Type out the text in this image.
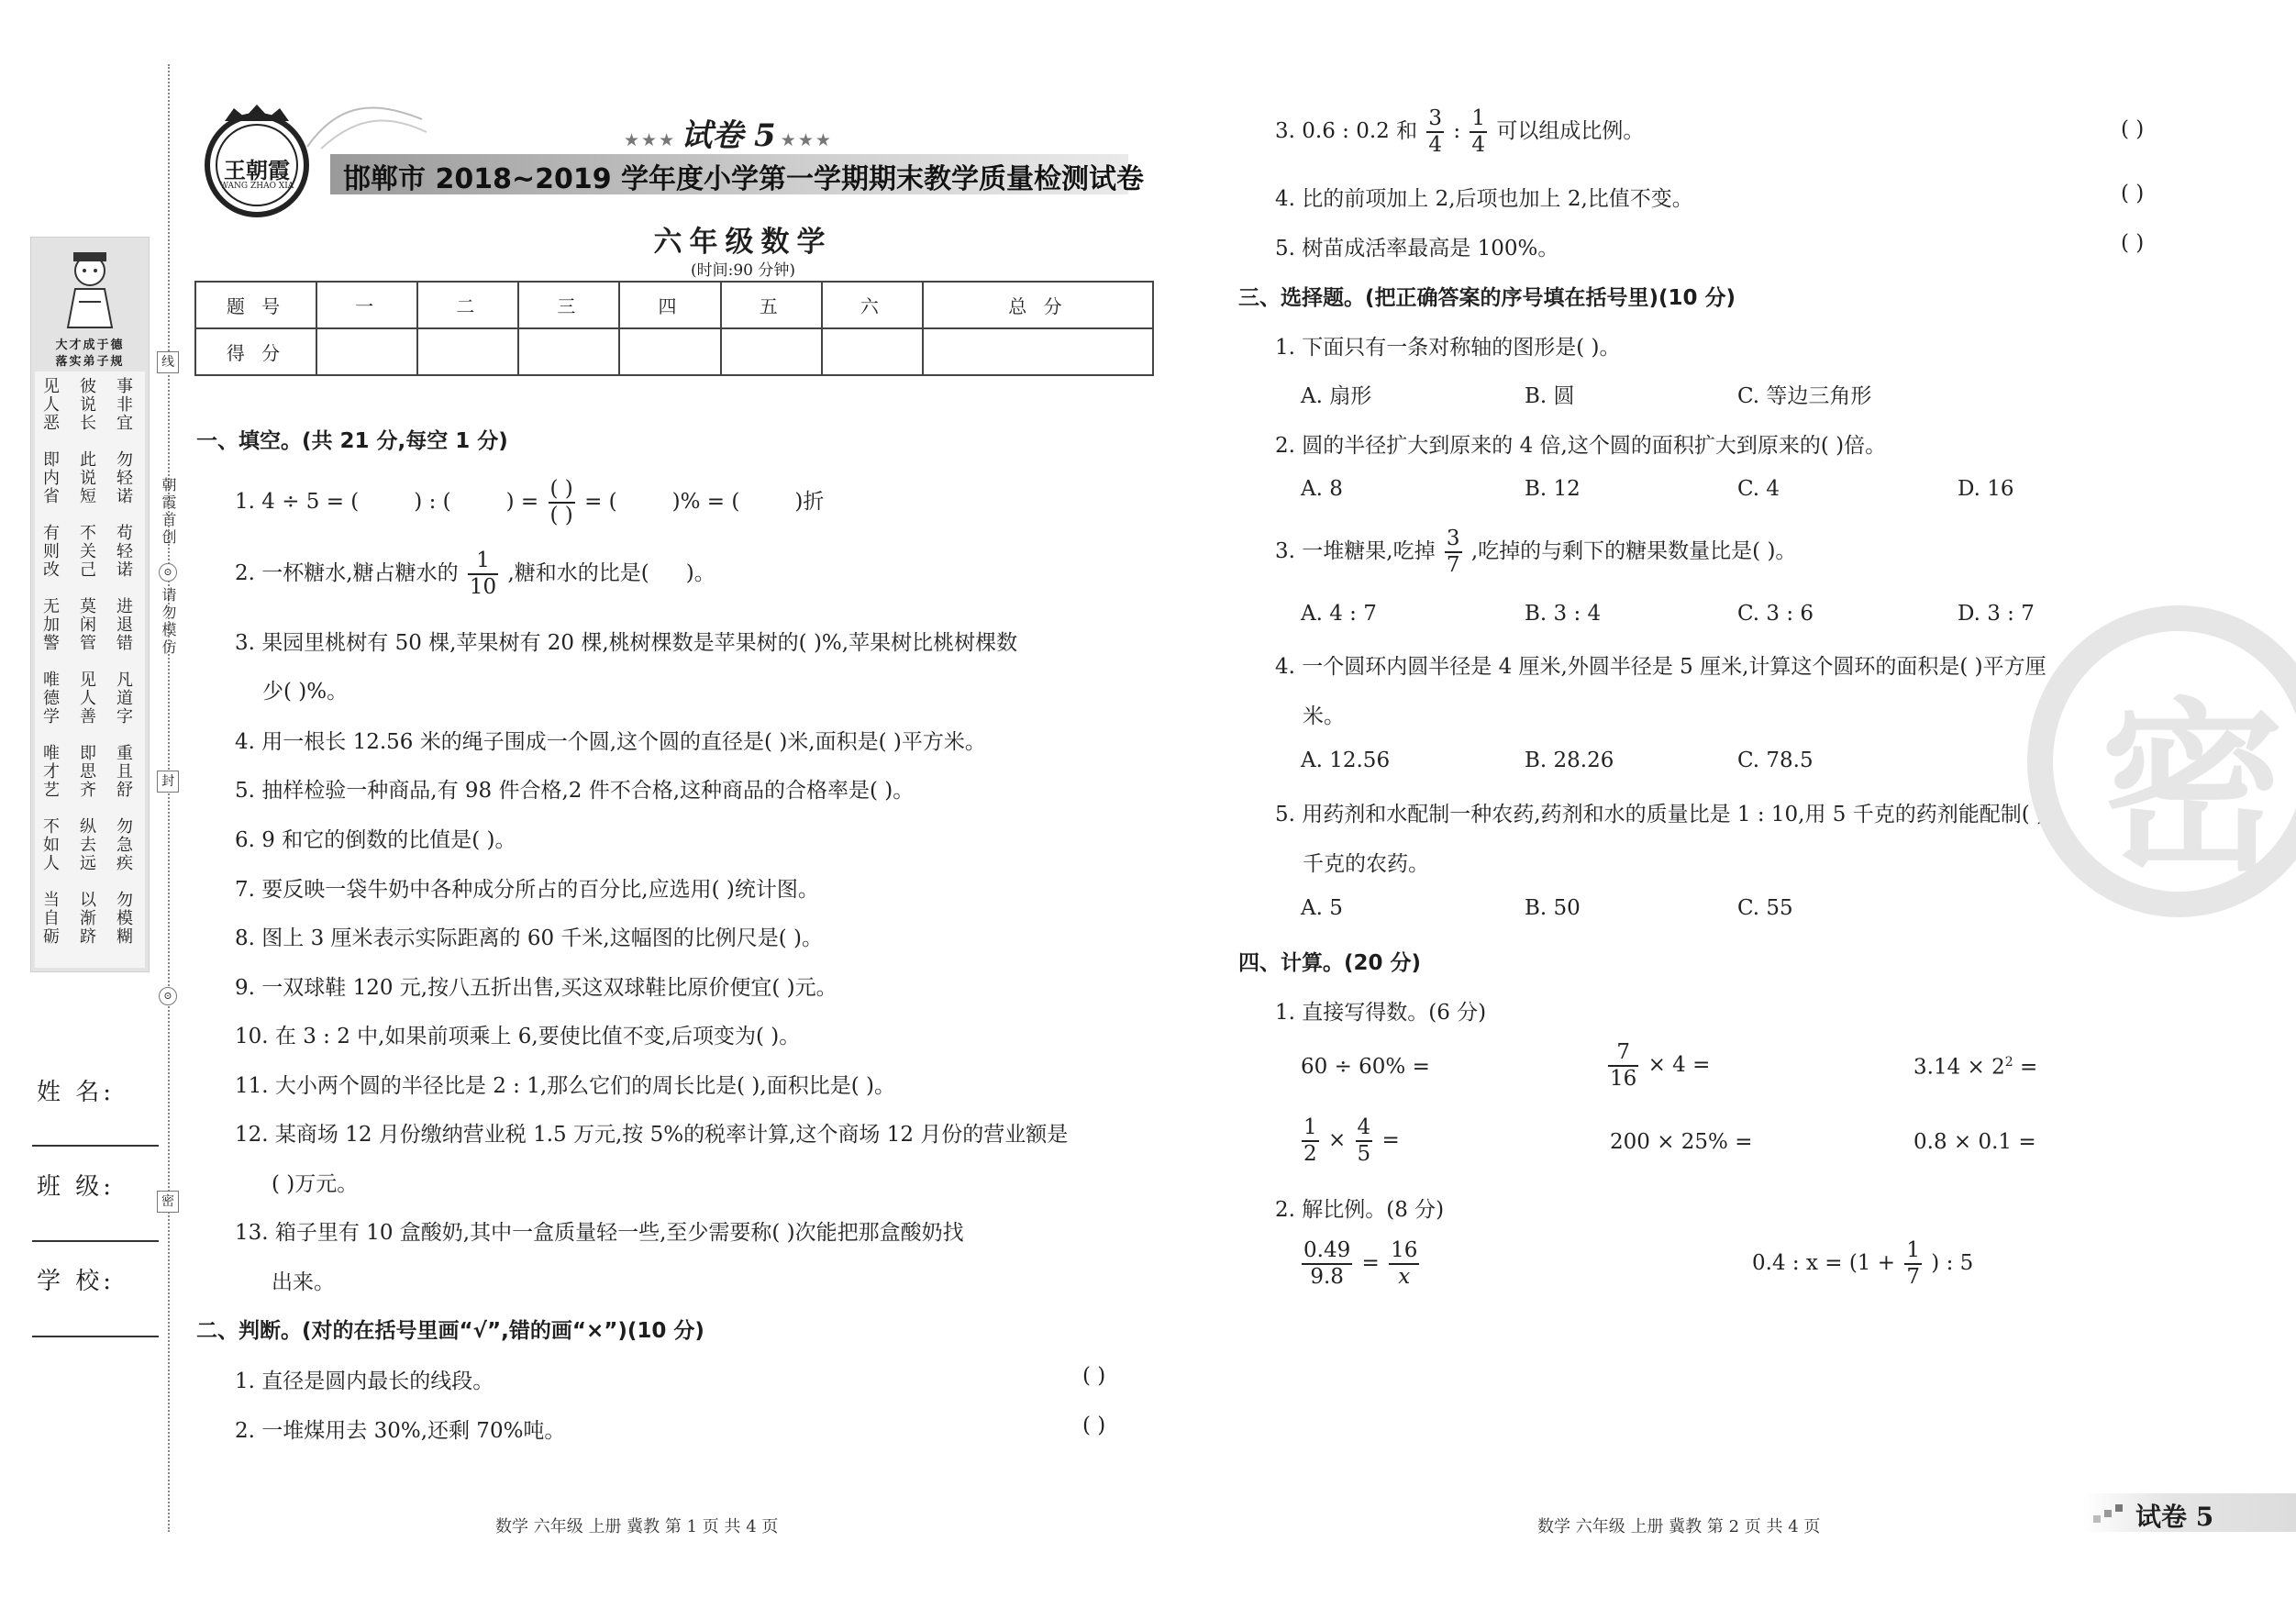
大才成于德
落实弟子规
见人恶 彼说长 事非宜
即内省 此说短 勿轻诺
有则改 不关己 苟轻诺
无加警 莫闲管 进退错
唯德学 见人善 凡道字
唯才艺 即思齐 重且舒
不如人 纵去远 勿急疾
当自砺 以渐跻 勿模糊
线
朝霞首创
⊙
请勿模仿
封
⊙
密
姓 名:
班 级:
学 校:
王朝霞
WANG ZHAO XIA
★★★ 试卷 5 ★★★
邯郸市 2018~2019 学年度小学第一学期期末教学质量检测试卷
六年级数学
(时间:90 分钟)
题 号	一	二	三	四	五	六	总 分
得 分							
一、填空。(共 21 分,每空 1 分)
1. 4 ÷ 5 = (	) : (	) = $\frac{( )}{( )}$ = (	)% = (	)折
2. 一杯糖水,糖占糖水的 $\frac{1}{10}$ ,糖和水的比是( )。
3. 果园里桃树有 50 棵,苹果树有 20 棵,桃树棵数是苹果树的( )%,苹果树比桃树棵数
少( )%。
4. 用一根长 12.56 米的绳子围成一个圆,这个圆的直径是( )米,面积是( )平方米。
5. 抽样检验一种商品,有 98 件合格,2 件不合格,这种商品的合格率是( )。
6. 9 和它的倒数的比值是( )。
7. 要反映一袋牛奶中各种成分所占的百分比,应选用( )统计图。
8. 图上 3 厘米表示实际距离的 60 千米,这幅图的比例尺是( )。
9. 一双球鞋 120 元,按八五折出售,买这双球鞋比原价便宜( )元。
10. 在 3 : 2 中,如果前项乘上 6,要使比值不变,后项变为( )。
11. 大小两个圆的半径比是 2 : 1,那么它们的周长比是( ),面积比是( )。
12. 某商场 12 月份缴纳营业税 1.5 万元,按 5%的税率计算,这个商场 12 月份的营业额是
( )万元。
13. 箱子里有 10 盒酸奶,其中一盒质量轻一些,至少需要称( )次能把那盒酸奶找
出来。
二、判断。(对的在括号里画“√”,错的画“×”)(10 分)
1. 直径是圆内最长的线段。	( )
2. 一堆煤用去 30%,还剩 70%吨。	( )
3. 0.6 : 0.2 和 $\frac{3}{4}$ : $\frac{1}{4}$ 可以组成比例。	( )
4. 比的前项加上 2,后项也加上 2,比值不变。	( )
5. 树苗成活率最高是 100%。	( )
三、选择题。(把正确答案的序号填在括号里)(10 分)
1. 下面只有一条对称轴的图形是( )。
A. 扇形	B. 圆	C. 等边三角形
2. 圆的半径扩大到原来的 4 倍,这个圆的面积扩大到原来的( )倍。
A. 8	B. 12	C. 4	D. 16
3. 一堆糖果,吃掉 $\frac{3}{7}$ ,吃掉的与剩下的糖果数量比是( )。
A. 4 : 7	B. 3 : 4	C. 3 : 6	D. 3 : 7
4. 一个圆环内圆半径是 4 厘米,外圆半径是 5 厘米,计算这个圆环的面积是( )平方厘
米。
A. 12.56	B. 28.26	C. 78.5
5. 用药剂和水配制一种农药,药剂和水的质量比是 1 : 10,用 5 千克的药剂能配制( )
千克的农药。
A. 5	B. 50	C. 55
四、计算。(20 分)
1. 直接写得数。(6 分)
60 ÷ 60% =	$\frac{7}{16} \times 4$ =	$3.14 \times 2^2$ =
$\frac{1}{2} \times \frac{4}{5}$ =	200 × 25% =	0.8 × 0.1 =
2. 解比例。(8 分)
$\frac{0.49}{9.8} = \frac{16}{x}$	0.4 : $x = (1 + \frac{1}{7}$ ) : 5
密
数学 六年级 上册 冀教 第 1 页 共 4 页	数学 六年级 上册 冀教 第 2 页 共 4 页	试卷 5
